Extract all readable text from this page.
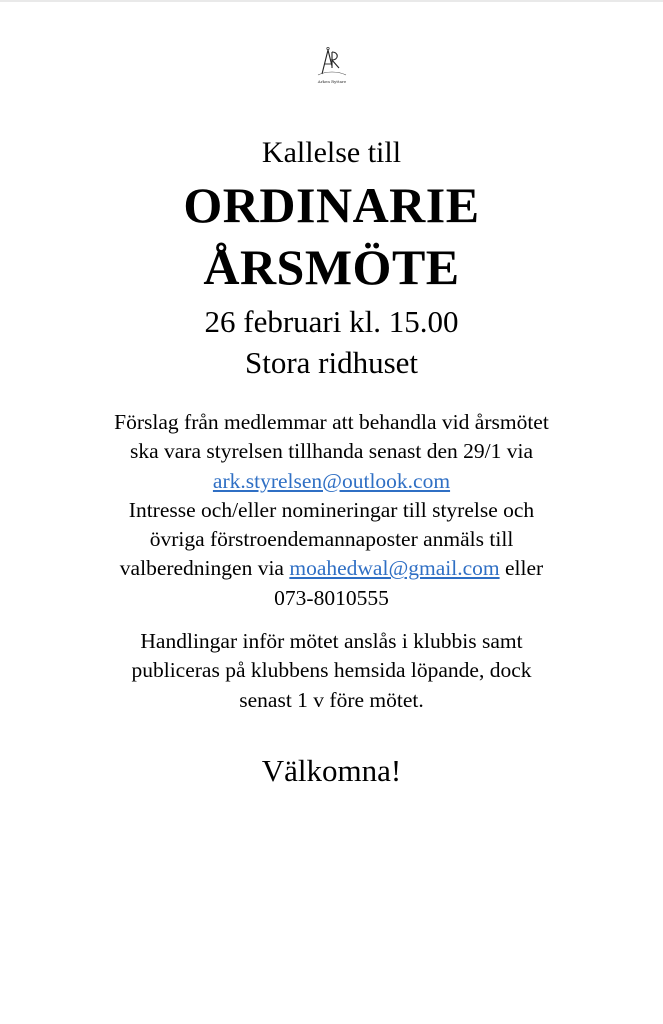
Arken Ryttare
Kallelse till
ORDINARIE
ÅRSMÖTE
26 februari kl. 15.00
Stora ridhuset
Förslag från medlemmar att behandla vid årsmötet
ska vara styrelsen tillhanda senast den 29/1 via
ark.styrelsen@outlook.com
Intresse och/eller nomineringar till styrelse och
övriga förstroendemannaposter anmäls till
valberedningen via moahedwal@gmail.com eller
073-8010555
Handlingar inför mötet anslås i klubbis samt
publiceras på klubbens hemsida löpande, dock
senast 1 v före mötet.
Välkomna!
